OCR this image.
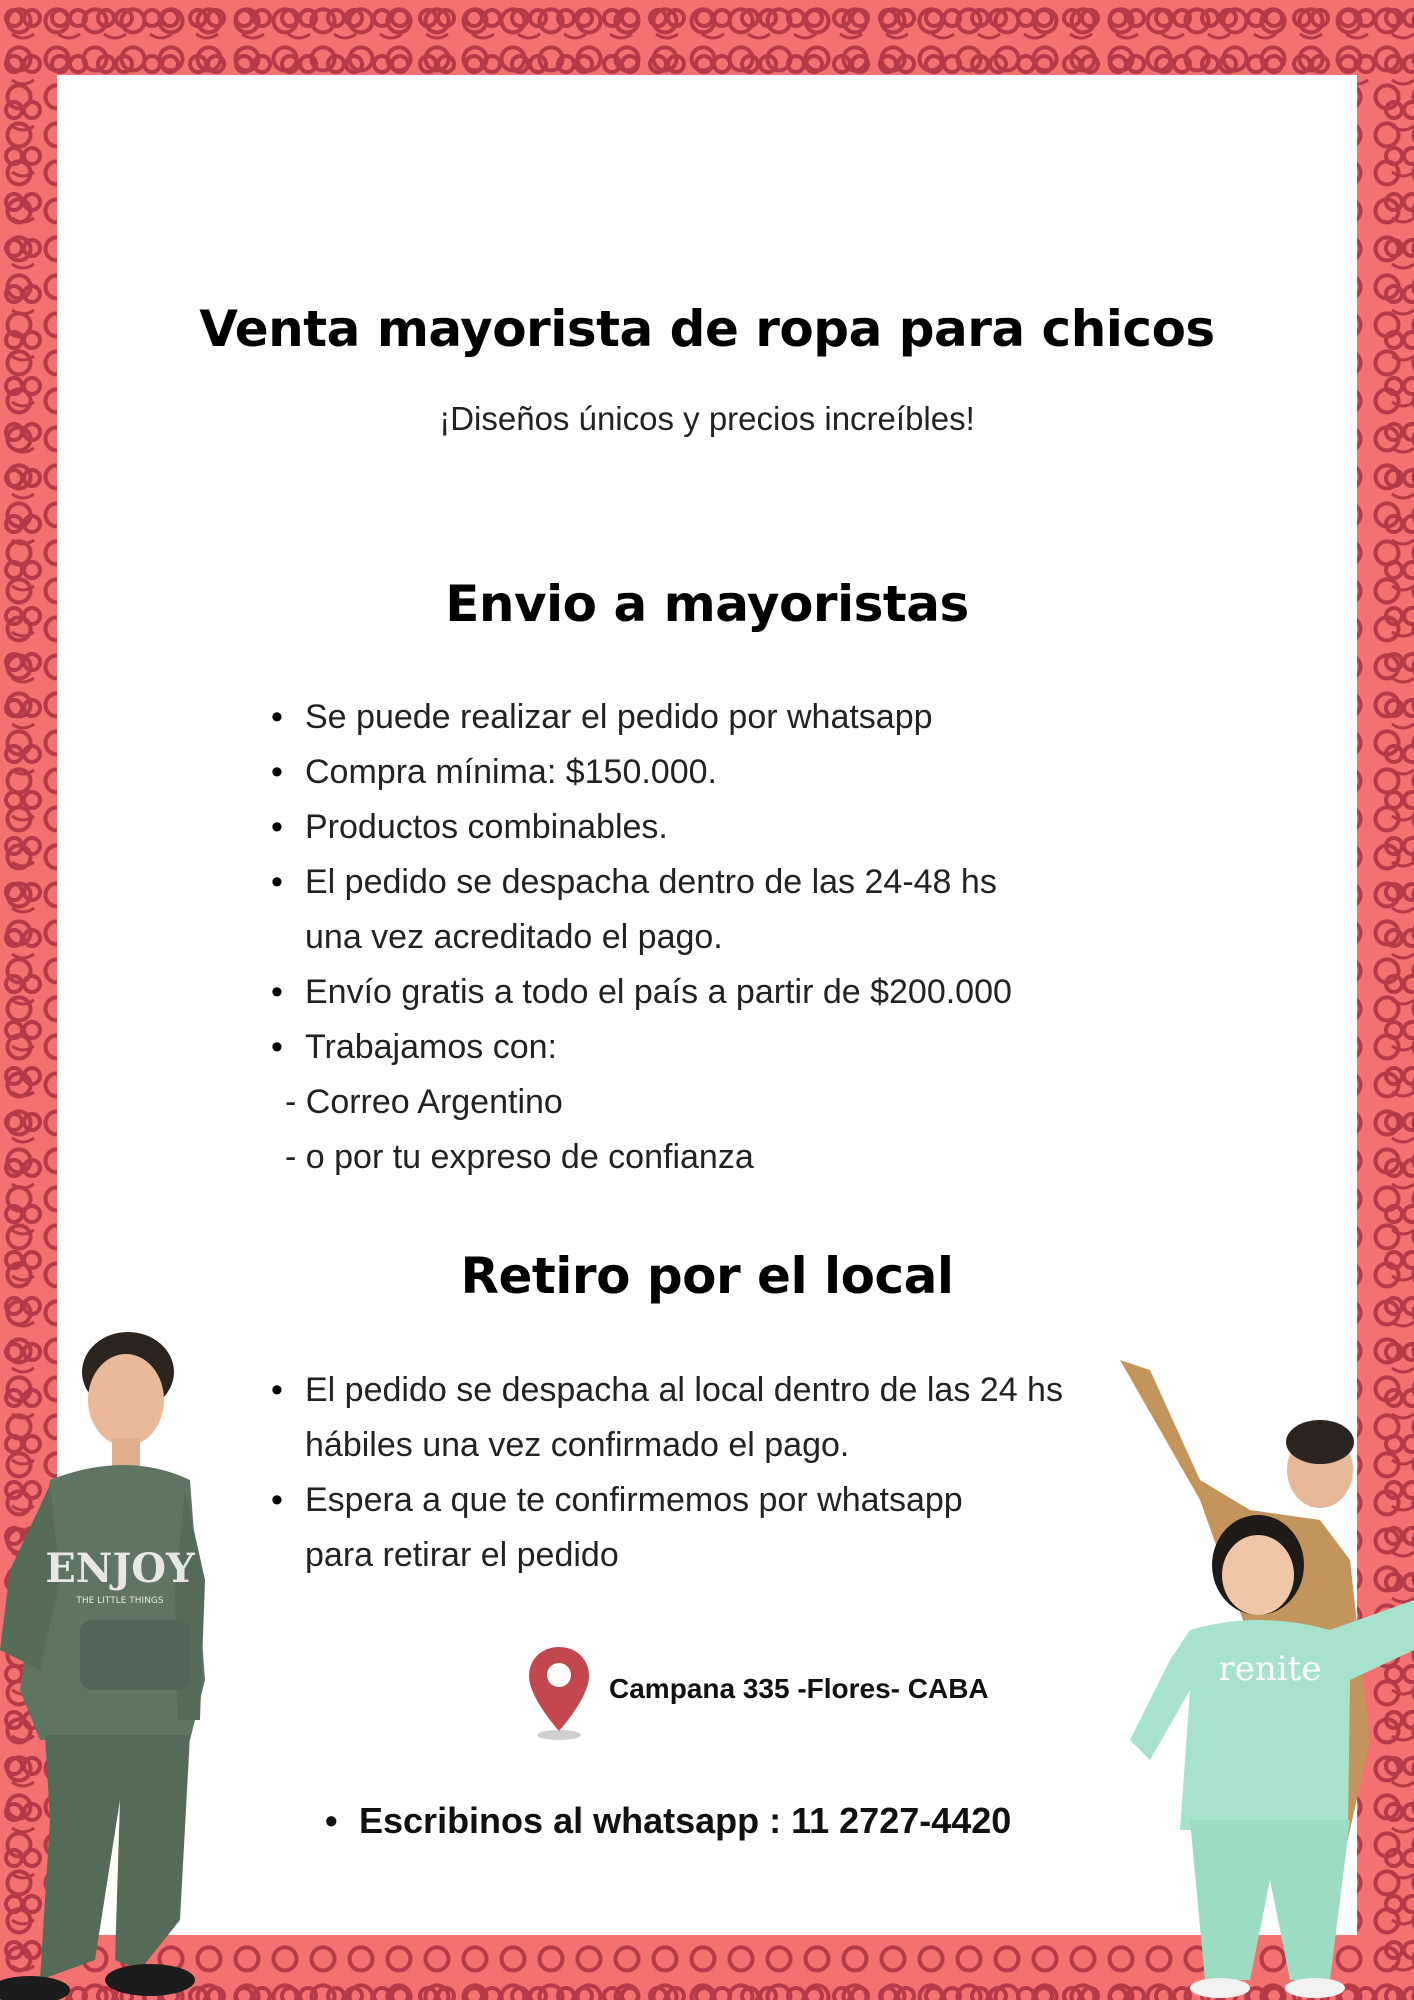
Venta mayorista de ropa para chicos
¡Diseños únicos y precios increíbles!
Envio a mayoristas
• Se puede realizar el pedido por whatsapp
• Compra mínima: $150.000.
• Productos combinables.
• El pedido se despacha dentro de las 24-48 hs
una vez acreditado el pago.
• Envío gratis a todo el país a partir de $200.000
• Trabajamos con:
- Correo Argentino
- o por tu expreso de confianza
Retiro por el local
• El pedido se despacha al local dentro de las 24 hs
hábiles una vez confirmado el pago.
• Espera a que te confirmemos por whatsapp
para retirar el pedido
Campana 335 -Flores- CABA
• Escribinos al whatsapp : 11 2727-4420
ENJOY
THE LITTLE THINGS
renite
